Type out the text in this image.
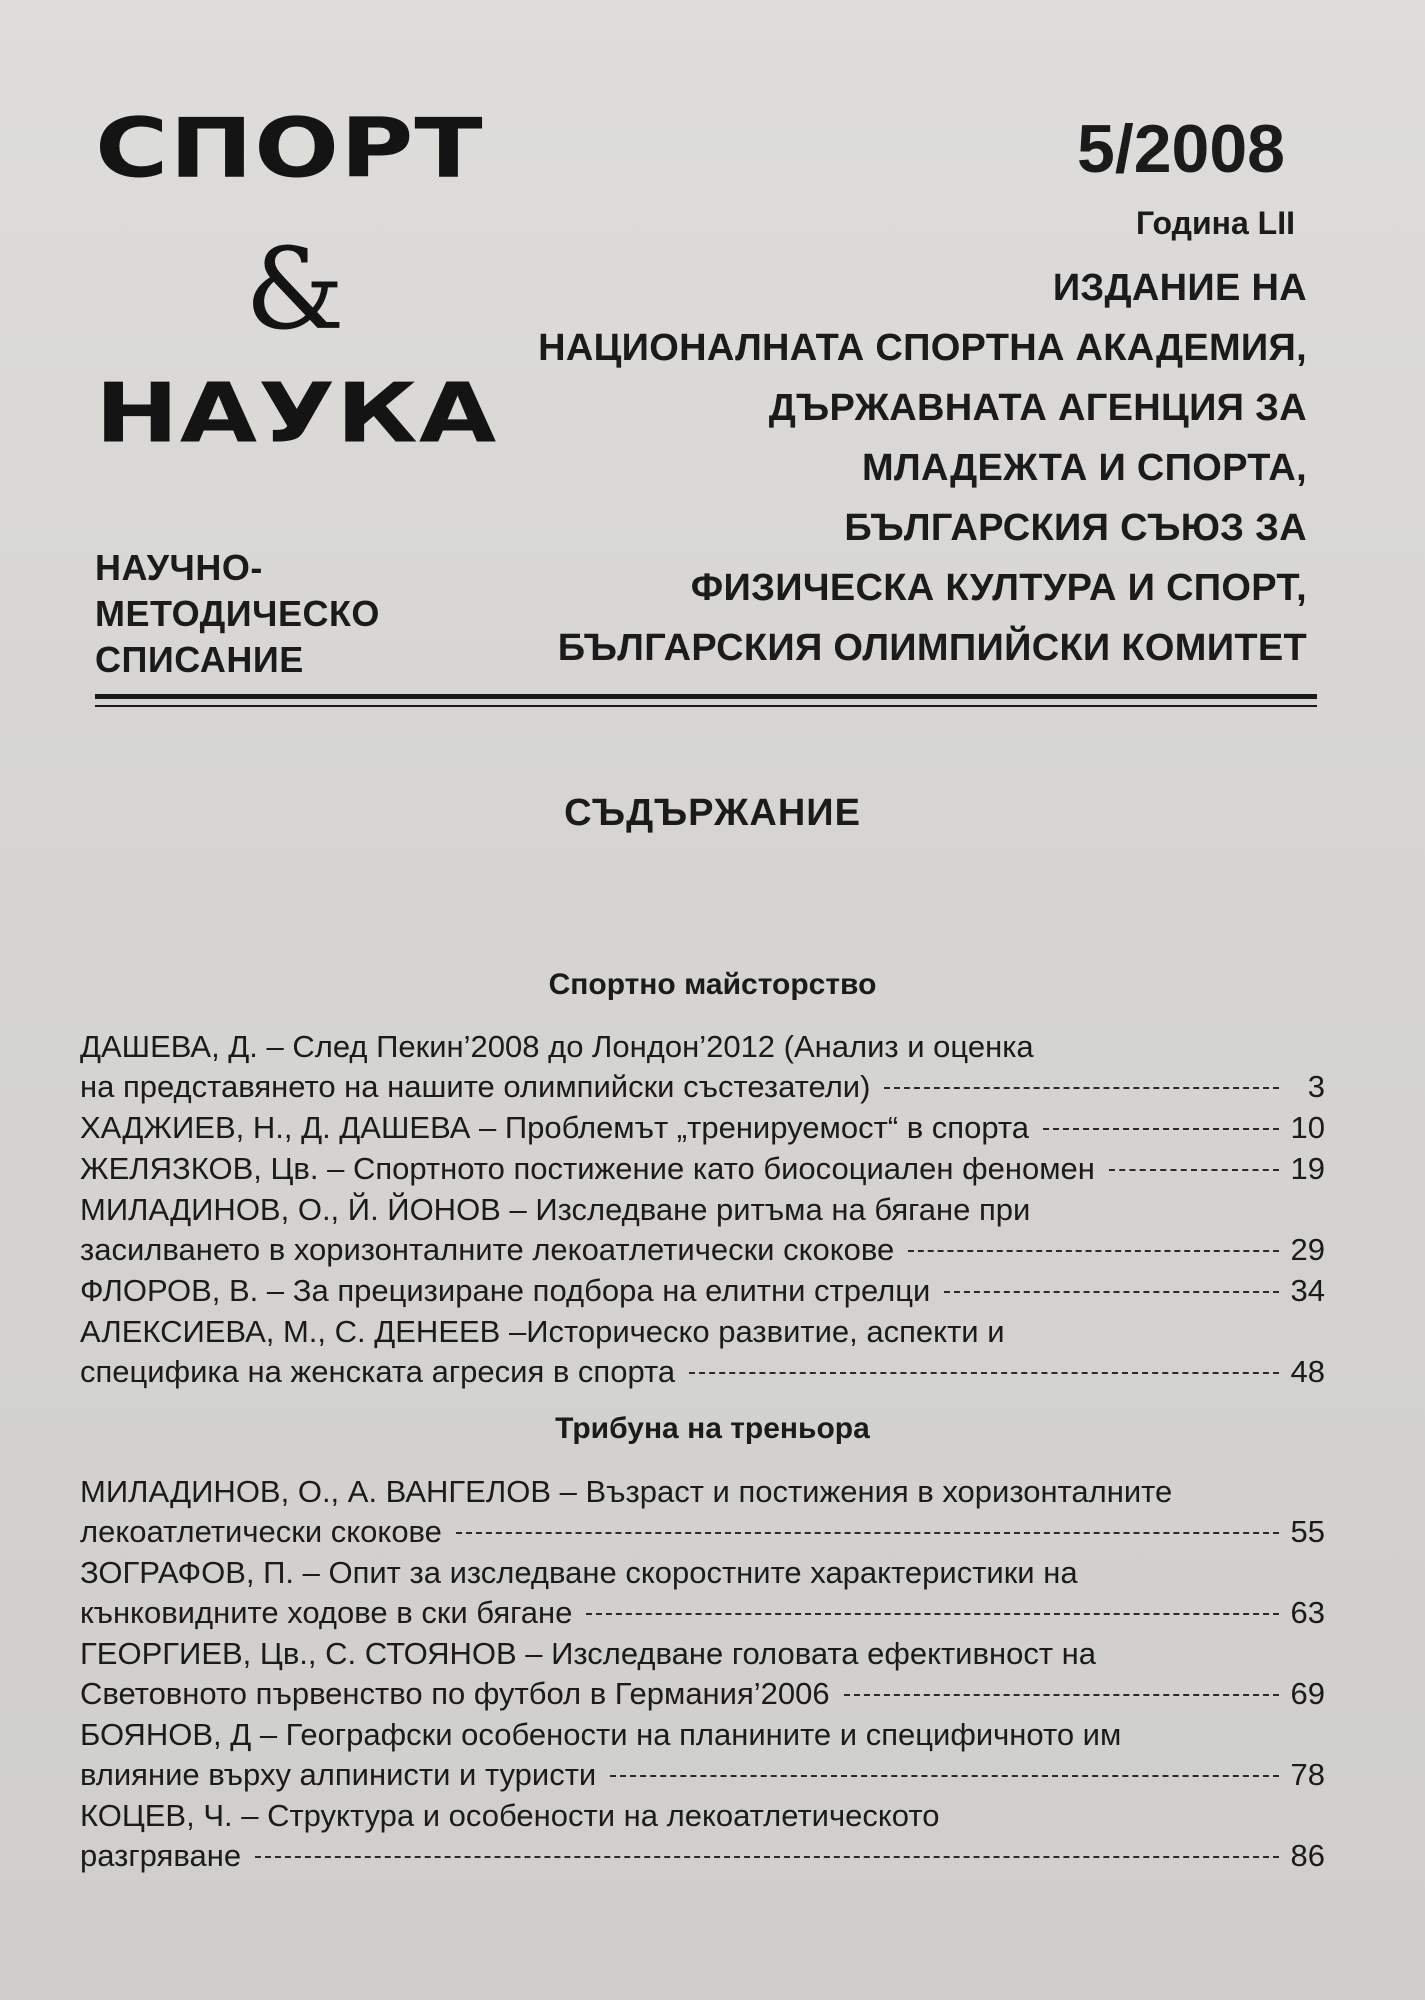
СПОРТ
&
НАУКА
НАУЧНО-
МЕТОДИЧЕСКО
СПИСАНИЕ
5/2008
Година LII
ИЗДАНИЕ НА
НАЦИОНАЛНАТА СПОРТНА АКАДЕМИЯ,
ДЪРЖАВНАТА АГЕНЦИЯ ЗА
МЛАДЕЖТА И СПОРТА,
БЪЛГАРСКИЯ СЪЮЗ ЗА
ФИЗИЧЕСКА КУЛТУРА И СПОРТ,
БЪЛГАРСКИЯ ОЛИМПИЙСКИ КОМИТЕТ
СЪДЪРЖАНИЕ
Спортно майсторство
ДАШЕВА, Д. – След Пекин’2008 до Лондон’2012 (Анализ и оценка
на представянето на нашите олимпийски състезатели)	3
ХАДЖИЕВ, Н., Д. ДАШЕВА – Проблемът „тренируемост“ в спорта	10
ЖЕЛЯЗКОВ, Цв. – Спортното постижение като биосоциален феномен	19
МИЛАДИНОВ, О., Й. ЙОНОВ – Изследване ритъма на бягане при
засилването в хоризонталните лекоатлетически скокове	29
ФЛОРОВ, В. – За прецизиране подбора на елитни стрелци	34
АЛЕКСИЕВА, М., С. ДЕНЕЕВ –Историческо развитие, аспекти и
специфика на женската агресия в спорта	48
Трибуна на треньора
МИЛАДИНОВ, О., А. ВАНГЕЛОВ – Възраст и постижения в хоризонталните
лекоатлетически скокове	55
ЗОГРАФОВ, П. – Опит за изследване скоростните характеристики на
кънковидните ходове в ски бягане	63
ГЕОРГИЕВ, Цв., С. СТОЯНОВ – Изследване головата ефективност на
Световното първенство по футбол в Германия’2006	69
БОЯНОВ, Д – Географски особености на планините и специфичното им
влияние върху алпинисти и туристи	78
КОЦЕВ, Ч. – Структура и особености на лекоатлетическото
разгряване	86
